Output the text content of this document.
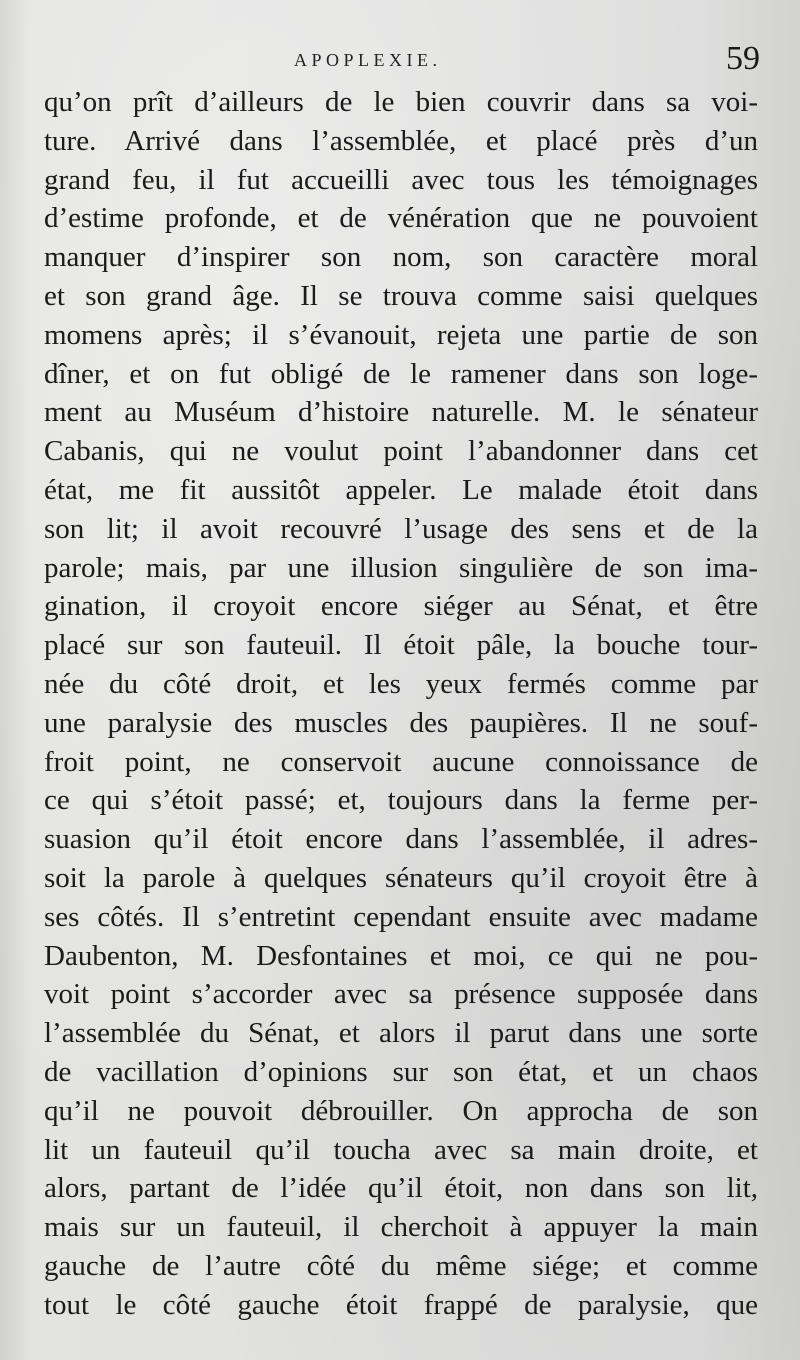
APOPLEXIE.	59
qu’on prît d’ailleurs de le bien couvrir dans sa voi-
ture. Arrivé dans l’assemblée, et placé près d’un
grand feu, il fut accueilli avec tous les témoignages
d’estime profonde, et de vénération que ne pouvoient
manquer d’inspirer son nom, son caractère moral
et son grand âge. Il se trouva comme saisi quelques
momens après; il s’évanouit, rejeta une partie de son
dîner, et on fut obligé de le ramener dans son loge-
ment au Muséum d’histoire naturelle. M. le sénateur
Cabanis, qui ne voulut point l’abandonner dans cet
état, me fit aussitôt appeler. Le malade étoit dans
son lit; il avoit recouvré l’usage des sens et de la
parole; mais, par une illusion singulière de son ima-
gination, il croyoit encore siéger au Sénat, et être
placé sur son fauteuil. Il étoit pâle, la bouche tour-
née du côté droit, et les yeux fermés comme par
une paralysie des muscles des paupières. Il ne souf-
froit point, ne conservoit aucune connoissance de
ce qui s’étoit passé; et, toujours dans la ferme per-
suasion qu’il étoit encore dans l’assemblée, il adres-
soit la parole à quelques sénateurs qu’il croyoit être à
ses côtés. Il s’entretint cependant ensuite avec madame
Daubenton, M. Desfontaines et moi, ce qui ne pou-
voit point s’accorder avec sa présence supposée dans
l’assemblée du Sénat, et alors il parut dans une sorte
de vacillation d’opinions sur son état, et un chaos
qu’il ne pouvoit débrouiller. On approcha de son
lit un fauteuil qu’il toucha avec sa main droite, et
alors, partant de l’idée qu’il étoit, non dans son lit,
mais sur un fauteuil, il cherchoit à appuyer la main
gauche de l’autre côté du même siége; et comme
tout le côté gauche étoit frappé de paralysie, que
